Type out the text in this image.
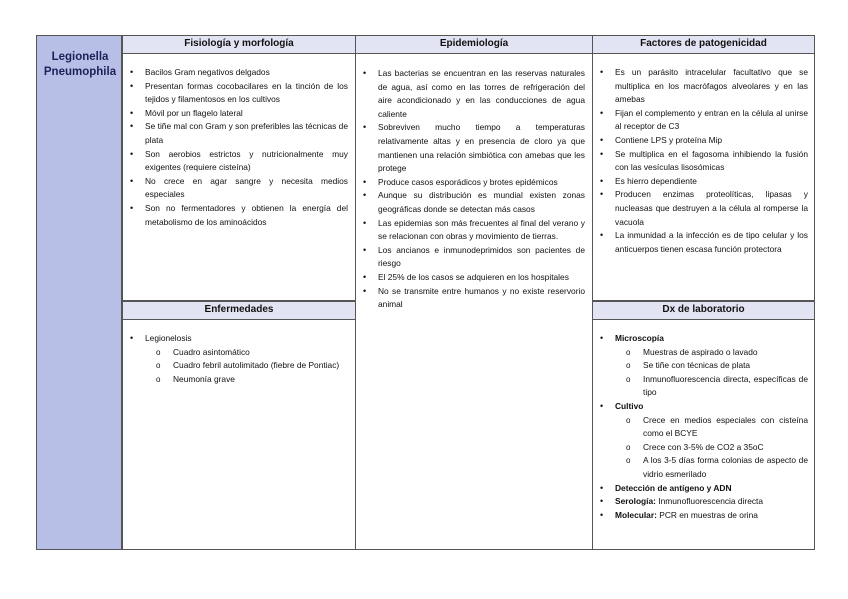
Legionella
Pneumophila
Fisiología y morfología
• Bacilos Gram negativos delgados
• Presentan formas cocobacilares en la tinción de los tejidos y filamentosos en los cultivos
• Móvil por un flagelo lateral
• Se tiñe mal con Gram y son preferibles las técnicas de plata
• Son aerobios estrictos y nutricionalmente muy exigentes (requiere cisteína)
• No crece en agar sangre y necesita medios especiales
• Son no fermentadores y obtienen la energía del metabolismo de los aminoácidos
Enfermedades
• Legionelosis
o Cuadro asintomático
o Cuadro febril autolimitado (fiebre de Pontiac)
o Neumonía grave
Epidemiología
• Las bacterias se encuentran en las reservas naturales de agua, así como en las torres de refrigeración del aire acondicionado y en las conducciones de agua caliente
• Sobreviven mucho tiempo a temperaturas relativamente altas y en presencia de cloro ya que mantienen una relación simbiótica con amebas que les protege
• Produce casos esporádicos y brotes epidémicos
• Aunque su distribución es mundial existen zonas geográficas donde se detectan más casos
• Las epidemias son más frecuentes al final del verano y se relacionan con obras y movimiento de tierras.
• Los ancianos e inmunodeprimidos son pacientes de riesgo
• El 25% de los casos se adquieren en los hospitales
• No se transmite entre humanos y no existe reservorio animal
Factores de patogenicidad
• Es un parásito intracelular facultativo que se multiplica en los macrófagos alveolares y en las amebas
• Fijan el complemento y entran en la célula al unirse al receptor de C3
• Contiene LPS y proteína Mip
• Se multiplica en el fagosoma inhibiendo la fusión con las vesículas lisosómicas
• Es hierro dependiente
• Producen enzimas proteolíticas, lipasas y nucleasas que destruyen a la célula al romperse la vacuola
• La inmunidad a la infección es de tipo celular y los anticuerpos tienen escasa función protectora
Dx de laboratorio
• Microscopía
o Muestras de aspirado o lavado
o Se tiñe con técnicas de plata
o Inmunofluorescencia directa, específicas de tipo
• Cultivo
o Crece en medios especiales con cisteína como el BCYE
o Crece con 3-5% de CO2 a 35oC
o A los 3-5 días forma colonias de aspecto de vidrio esmerilado
• Detección de antígeno y ADN
• Serología: Inmunofluorescencia directa
• Molecular: PCR en muestras de orina
